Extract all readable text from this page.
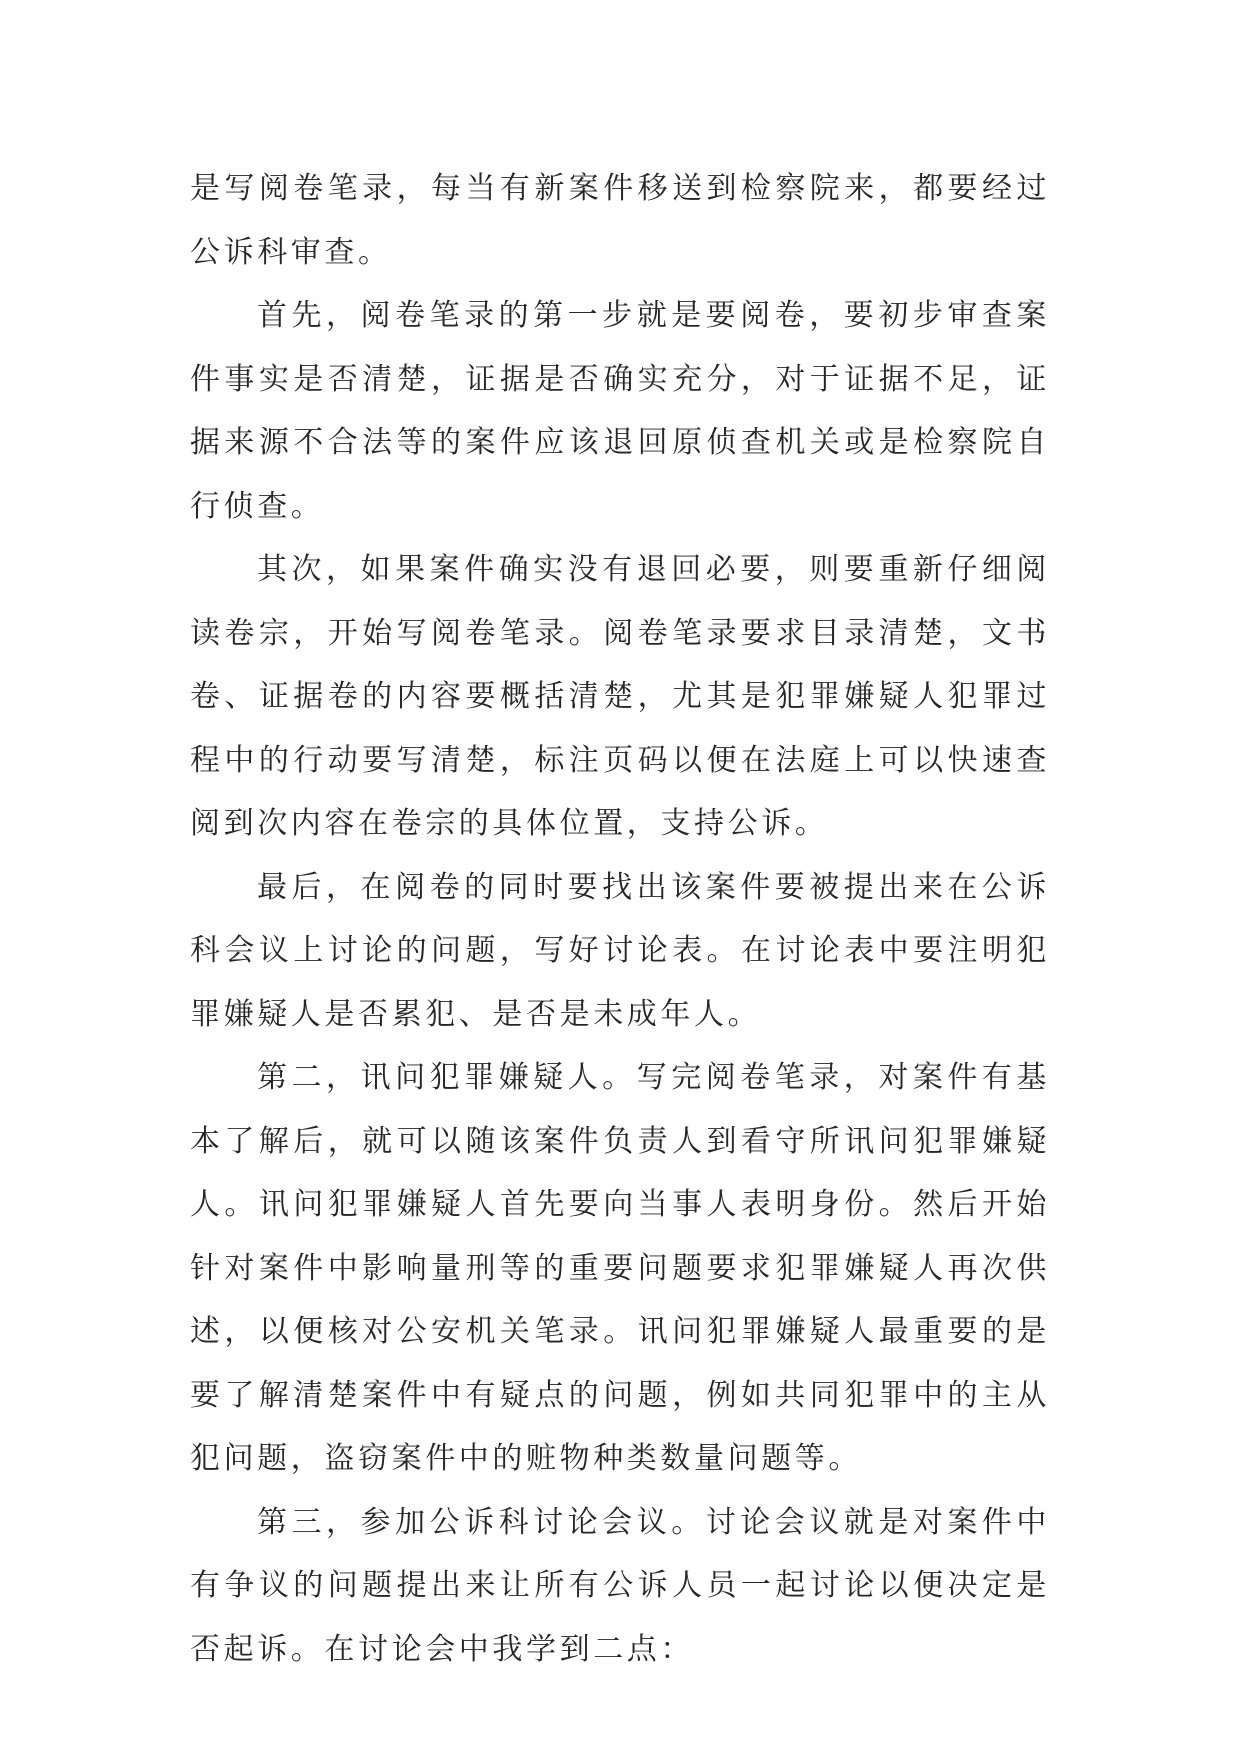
是写阅卷笔录，每当有新案件移送到检察院来，都要经过公诉科审查。

首先，阅卷笔录的第一步就是要阅卷，要初步审查案件事实是否清楚，证据是否确实充分，对于证据不足，证据来源不合法等的案件应该退回原侦查机关或是检察院自行侦查。

其次，如果案件确实没有退回必要，则要重新仔细阅读卷宗，开始写阅卷笔录。阅卷笔录要求目录清楚，文书卷、证据卷的内容要概括清楚，尤其是犯罪嫌疑人犯罪过程中的行动要写清楚，标注页码以便在法庭上可以快速查阅到次内容在卷宗的具体位置，支持公诉。

最后，在阅卷的同时要找出该案件要被提出来在公诉科会议上讨论的问题，写好讨论表。在讨论表中要注明犯罪嫌疑人是否累犯、是否是未成年人。

第二，讯问犯罪嫌疑人。写完阅卷笔录，对案件有基本了解后，就可以随该案件负责人到看守所讯问犯罪嫌疑人。讯问犯罪嫌疑人首先要向当事人表明身份。然后开始针对案件中影响量刑等的重要问题要求犯罪嫌疑人再次供述，以便核对公安机关笔录。讯问犯罪嫌疑人最重要的是要了解清楚案件中有疑点的问题，例如共同犯罪中的主从犯问题，盗窃案件中的赃物种类数量问题等。

第三，参加公诉科讨论会议。讨论会议就是对案件中有争议的问题提出来让所有公诉人员一起讨论以便决定是否起诉。在讨论会中我学到二点：
